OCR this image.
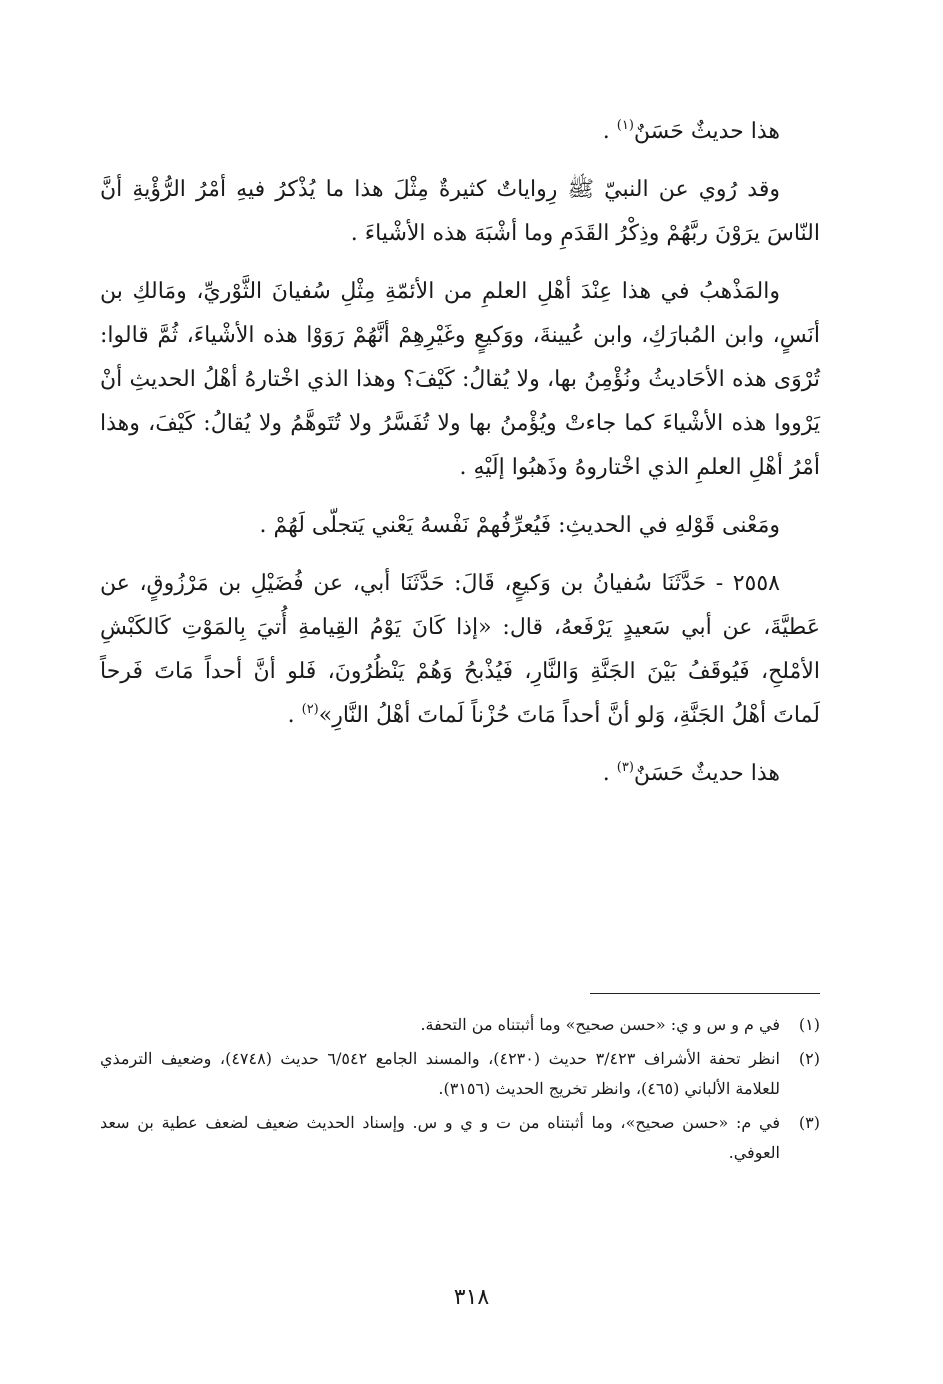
هذا حديثٌ حَسَنٌ$^{(١)}$ .

وقد رُوي عن النبيّ ﷺ رِواياتٌ كثيرةٌ مِثْلَ هذا ما يُذْكرُ فيهِ أمْرُ الرُّؤْيةِ أنَّ النّاسَ يرَوْنَ ربَّهُمْ وذِكْرُ القَدَمِ وما أشْبَهَ هذه الأشْياءَ .

والمَذْهبُ في هذا عِنْدَ أهْلِ العلمِ من الأئمّةِ مِثْلِ سُفيانَ الثَّوْريِّ، ومَالكِ بن أنَسٍ، وابن المُبارَكِ، وابن عُيينةَ، ووَكيعٍ وغَيْرِهِمْ أنَّهُمْ رَوَوْا هذه الأشْياءَ، ثُمَّ قالوا: تُرْوَى هذه الأحَاديثُ ونُؤْمِنُ بها، ولا يُقالُ: كَيْفَ؟ وهذا الذي اخْتارهُ أهْلُ الحديثِ أنْ يَرْووا هذه الأشْياءَ كما جاءتْ ويُؤْمنُ بها ولا تُفَسَّرُ ولا تُتَوهَّمُ ولا يُقالُ: كَيْفَ، وهذا أمْرُ أهْلِ العلمِ الذي اخْتاروهُ وذَهبُوا إلَيْهِ .

ومَعْنى قَوْلهِ في الحديثِ: فَيُعرِّفُهمْ نَفْسهُ يَعْني يَتجلّى لَهُمْ .

٢٥٥٨ - حَدَّثَنَا سُفيانُ بن وَكيعٍ، قَالَ: حَدَّثَنَا أبي، عن فُضَيْلِ بن مَرْزُوقٍ، عن عَطيَّةَ، عن أبي سَعيدٍ يَرْفَعهُ، قال: «إذا كَانَ يَوْمُ القِيامةِ أُتيَ بِالمَوْتِ كَالكَبْشِ الأمْلحِ، فَيُوقَفُ بَيْنَ الجَنَّةِ وَالنَّارِ، فَيُذْبحُ وَهُمْ يَنْظُرُونَ، فَلو أنَّ أحداً مَاتَ فَرحاً لَماتَ أهْلُ الجَنَّةِ، وَلو أنَّ أحداً مَاتَ حُزْناً لَماتَ أهْلُ النَّارِ»$^{(٢)}$ .

هذا حديثٌ حَسَنٌ$^{(٣)}$ .

(١)
في م و س و ي: «حسن صحيح» وما أثبتناه من التحفة.
(٢)
انظر تحفة الأشراف ٣/٤٢٣ حديث (٤٢٣٠)، والمسند الجامع ٦/٥٤٢ حديث (٤٧٤٨)، وضعيف الترمذي للعلامة الألباني (٤٦٥)، وانظر تخريج الحديث (٣١٥٦).
(٣)
في م: «حسن صحيح»، وما أثبتناه من ت و ي و س. وإسناد الحديث ضعيف لضعف عطية بن سعد العوفي.
٣١٨
